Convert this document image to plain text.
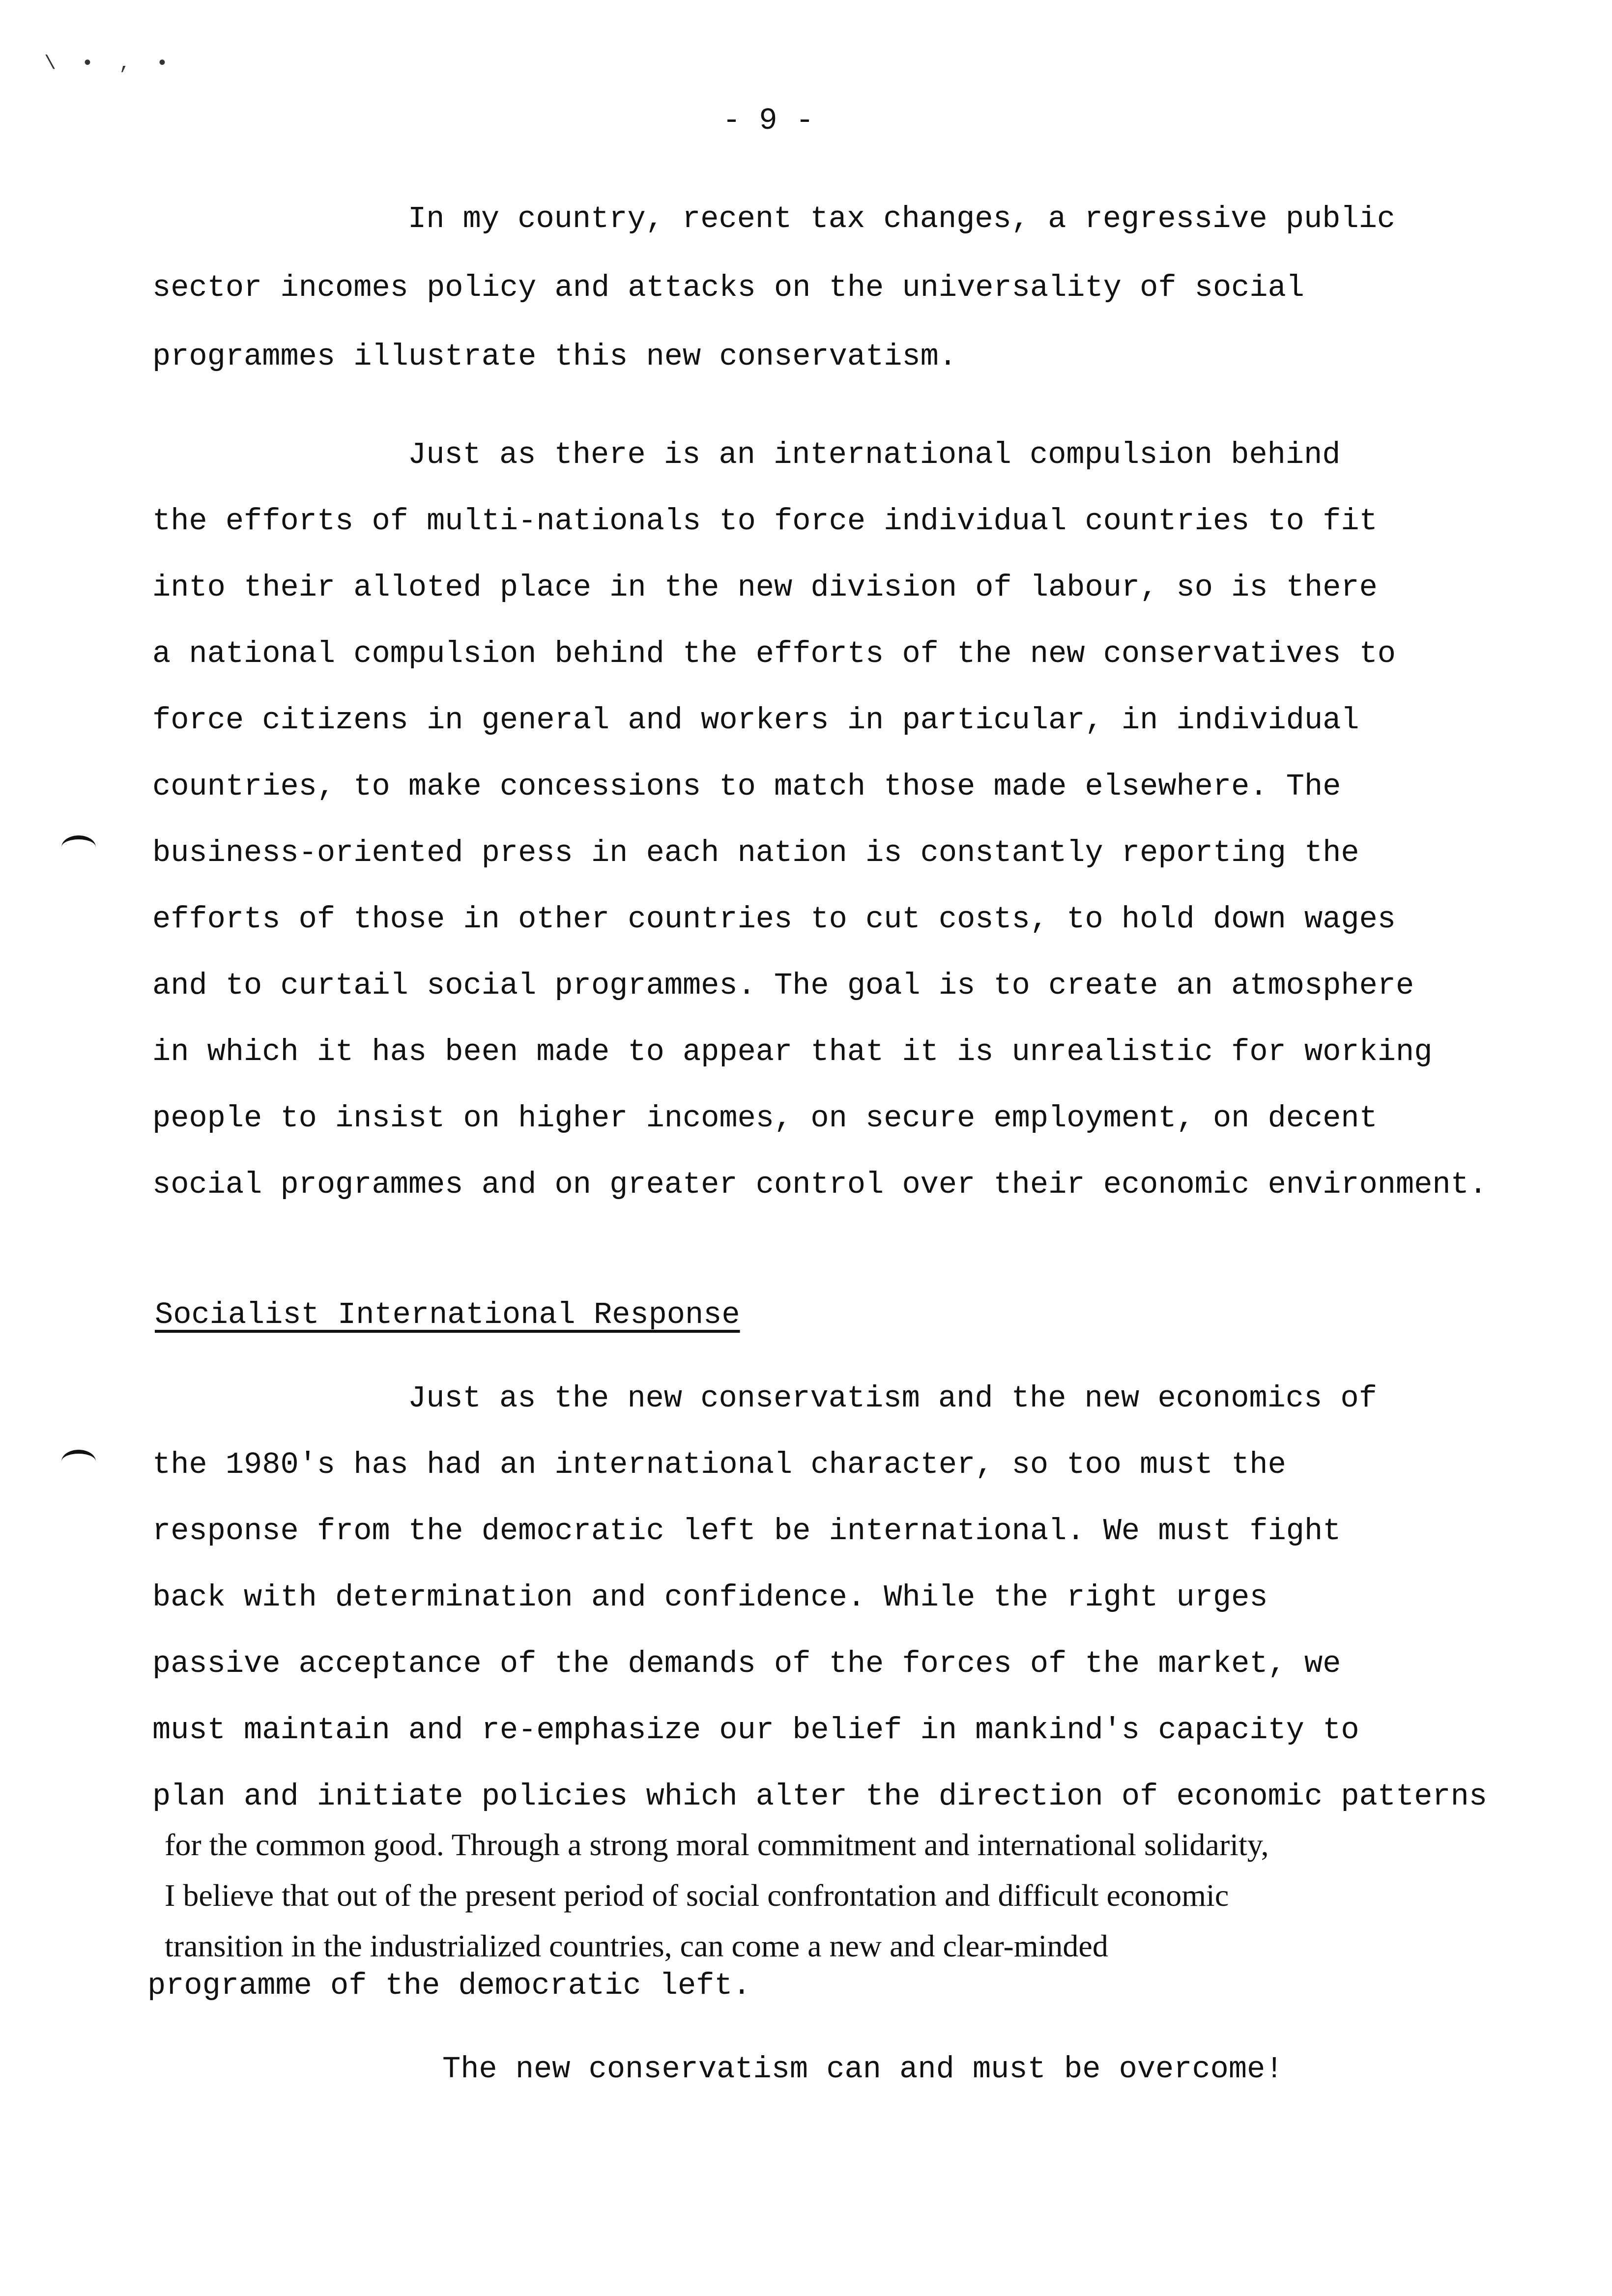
\ • , •
- 9 -
In my country, recent tax changes, a regressive public
sector incomes policy and attacks on the universality of social
programmes illustrate this new conservatism.
Just as there is an international compulsion behind
the efforts of multi-nationals to force individual countries to fit
into their alloted place in the new division of labour, so is there
a national compulsion behind the efforts of the new conservatives to
force citizens in general and workers in particular, in individual
countries, to make concessions to match those made elsewhere. The
business-oriented press in each nation is constantly reporting the
efforts of those in other countries to cut costs, to hold down wages
and to curtail social programmes. The goal is to create an atmosphere
in which it has been made to appear that it is unrealistic for working
people to insist on higher incomes, on secure employment, on decent
social programmes and on greater control over their economic environment.
Socialist International Response
Just as the new conservatism and the new economics of
the 1980's has had an international character, so too must the
response from the democratic left be international. We must fight
back with determination and confidence. While the right urges
passive acceptance of the demands of the forces of the market, we
must maintain and re-emphasize our belief in mankind's capacity to
plan and initiate policies which alter the direction of economic patterns
for the common good. Through a strong moral commitment and international solidarity,
I believe that out of the present period of social confrontation and difficult economic
transition in the industrialized countries, can come a new and clear-minded
programme of the democratic left.
The new conservatism can and must be overcome!
